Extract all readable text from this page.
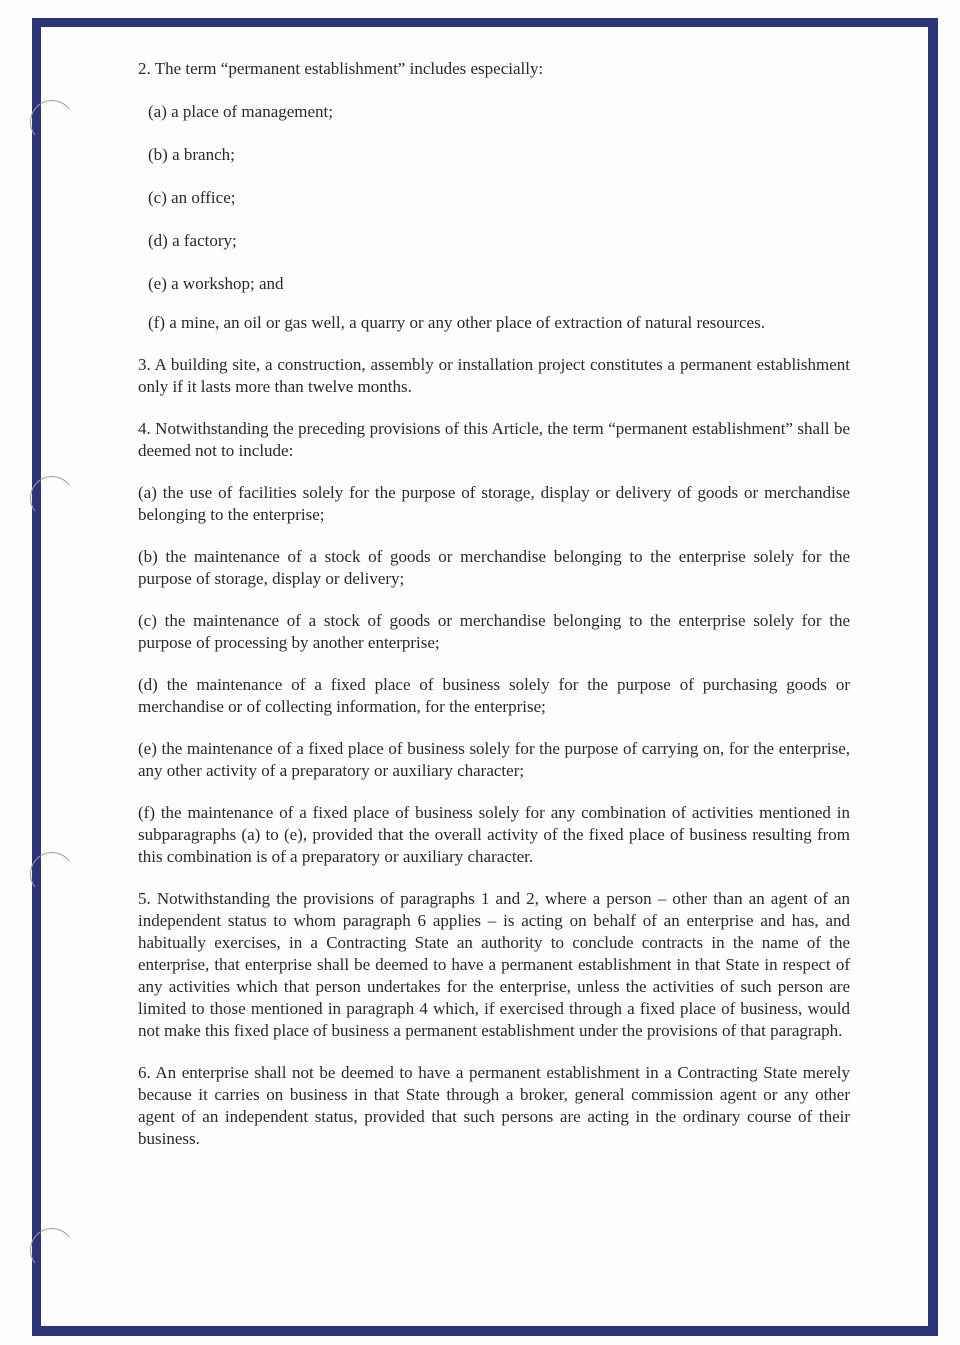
2. The term “permanent establishment” includes especially:

(a) a place of management;

(b) a branch;

(c) an office;

(d) a factory;

(e) a workshop; and

(f) a mine, an oil or gas well, a quarry or any other place of extraction of natural resources.

3. A building site, a construction, assembly or installation project constitutes a permanent establishment only if it lasts more than twelve months.

4. Notwithstanding the preceding provisions of this Article, the term “permanent establishment” shall be deemed not to include:

(a) the use of facilities solely for the purpose of storage, display or delivery of goods or merchandise belonging to the enterprise;

(b) the maintenance of a stock of goods or merchandise belonging to the enterprise solely for the purpose of storage, display or delivery;

(c) the maintenance of a stock of goods or merchandise belonging to the enterprise solely for the purpose of processing by another enterprise;

(d) the maintenance of a fixed place of business solely for the purpose of purchasing goods or merchandise or of collecting information, for the enterprise;

(e) the maintenance of a fixed place of business solely for the purpose of carrying on, for the enterprise, any other activity of a preparatory or auxiliary character;

(f) the maintenance of a fixed place of business solely for any combination of activities mentioned in subparagraphs (a) to (e), provided that the overall activity of the fixed place of business resulting from this combination is of a preparatory or auxiliary character.

5. Notwithstanding the provisions of paragraphs 1 and 2, where a person – other than an agent of an independent status to whom paragraph 6 applies – is acting on behalf of an enterprise and has, and habitually exercises, in a Contracting State an authority to conclude contracts in the name of the enterprise, that enterprise shall be deemed to have a permanent establishment in that State in respect of any activities which that person undertakes for the enterprise, unless the activities of such person are limited to those mentioned in paragraph 4 which, if exercised through a fixed place of business, would not make this fixed place of business a permanent establishment under the provisions of that paragraph.

6. An enterprise shall not be deemed to have a permanent establishment in a Contracting State merely because it carries on business in that State through a broker, general commission agent or any other agent of an independent status, provided that such persons are acting in the ordinary course of their business.
